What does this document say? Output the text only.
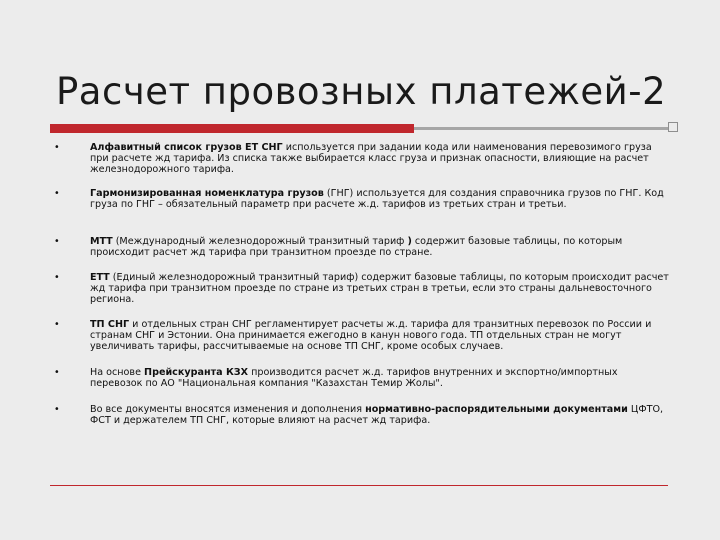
Расчет провозных платежей-2
•	Алфавитный список грузов ЕТ СНГ используется при задании кода или наименования перевозимого груза при расчете жд тарифа. Из списка также выбирается класс груза и признак опасности, влияющие на расчет железнодорожного тарифа.
•	Гармонизированная номенклатура грузов (ГНГ) используется для создания справочника грузов по ГНГ. Код груза по ГНГ – обязательный параметр при расчете ж.д. тарифов из третьих стран и третьи.
•	МТТ (Международный железнодорожный транзитный тариф ) содержит базовые таблицы, по которым происходит расчет жд тарифа при транзитном проезде по стране.
•	ЕТТ (Единый железнодорожный транзитный тариф) содержит базовые таблицы, по которым происходит расчет жд тарифа при транзитном проезде по стране из третьих стран в третьи, если это страны дальневосточного региона.
•	ТП СНГ и отдельных стран СНГ регламентирует расчеты ж.д. тарифа для транзитных перевозок по России и странам СНГ и Эстонии. Она принимается ежегодно в канун нового года. ТП отдельных стран не могут увеличивать тарифы, рассчитываемые на основе ТП СНГ, кроме особых случаев.
•	На основе Прейскуранта КЗХ производится расчет ж.д. тарифов внутренних и экспортно/импортных перевозок по АО "Национальная компания "Казахстан Темир Жолы".
•	Во все документы вносятся изменения и дополнения нормативно-распорядительными документами ЦФТО, ФСТ и держателем ТП СНГ, которые влияют на расчет жд тарифа.
